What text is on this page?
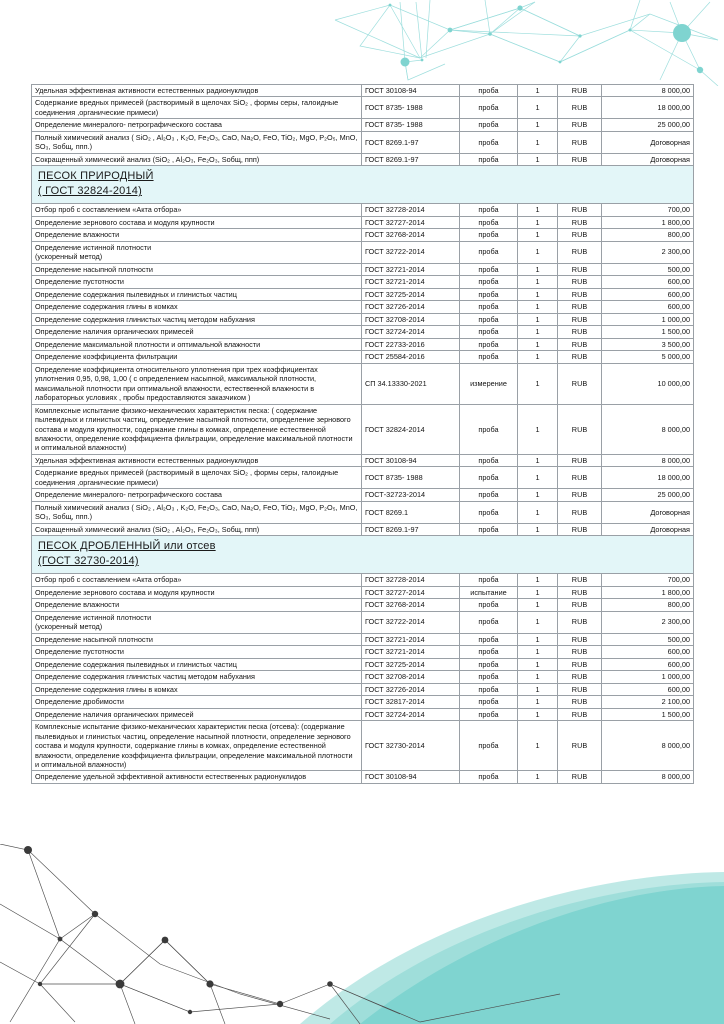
Удельная эффективная активности естественных радионуклидов	ГОСТ 30108-94	проба	1	RUB	8 000,00
Содержание вредных примесей (растворимый в щелочах SiO₂ , формы серы, галоидные соединения ,органические примеси)	ГОСТ 8735- 1988	проба	1	RUB	18 000,00
Определение минералого- петрографического состава	ГОСТ 8735- 1988	проба	1	RUB	25 000,00
Полный химический анализ ( SiO₂ , Al₂O₃ , K₂O, Fe₂O₃, CaO, Na₂O, FeO, TiO₂, MgO, P₂O₅, MnO, SO₃, Sобщ, ппп.)	ГОСТ 8269.1-97	проба	1	RUB	Договорная
Сокращенный химический анализ (SiO₂ , Al₂O₃, Fe₂O₃, Sобщ, ппп)	ГОСТ 8269.1-97	проба	1	RUB	Договорная

ПЕСОК ПРИРОДНЫЙ
( ГОСТ 32824-2014)					

Отбор проб с составлением «Акта отбора»	ГОСТ 32728-2014	проба	1	RUB	700,00
Определение зернового состава и модуля крупности	ГОСТ 32727-2014	проба	1	RUB	1 800,00
Определение влажности	ГОСТ 32768-2014	проба	1	RUB	800,00
Определение истинной плотности
(ускоренный метод)	ГОСТ 32722-2014	проба	1	RUB	2 300,00
Определение насыпной плотности	ГОСТ 32721-2014	проба	1	RUB	500,00
Определение пустотности	ГОСТ 32721-2014	проба	1	RUB	600,00
Определение содержания пылевидных и глинистых частиц	ГОСТ 32725-2014	проба	1	RUB	600,00
Определение содержания глины в комках	ГОСТ 32726-2014	проба	1	RUB	600,00
Определение содержания глинистых частиц методом набухания	ГОСТ 32708-2014	проба	1	RUB	1 000,00
Определение наличия органических примесей	ГОСТ 32724-2014	проба	1	RUB	1 500,00
Определение максимальной плотности и оптимальной влажности	ГОСТ 22733-2016	проба	1	RUB	3 500,00
Определение коэффициента фильтрации	ГОСТ 25584-2016	проба	1	RUB	5 000,00
Определение коэффициента относительного уплотнения при трех коэффициентах уплотнения 0,95, 0,98, 1,00 ( с определением насыпной, максимальной плотности, максимальной плотности при оптимальной влажности, естественной влажности в лабораторных условиях , пробы предоставляются заказчиком )	СП 34.13330-2021	измерение	1	RUB	10 000,00
Комплексные испытание физико-механических характеристик песка: ( содержание пылевидных и глинистых частиц, определение насыпной плотности, определение зернового состава и модуля крупности, содержание глины в комках, определение естественной влажности, определение коэффициента фильтрации, определение максимальной плотности и оптимальной влажности)	ГОСТ 32824-2014	проба	1	RUB	8 000,00
Удельная эффективная активности естественных радионуклидов	ГОСТ 30108-94	проба	1	RUB	8 000,00
Содержание вредных примесей (растворимый в щелочах SiO₂ , формы серы, галоидные соединения ,органические примеси)	ГОСТ 8735- 1988	проба	1	RUB	18 000,00
Определение минералого- петрографического состава	ГОСТ-32723-2014	проба	1	RUB	25 000,00
Полный химический анализ ( SiO₂ , Al₂O₃ , K₂O, Fe₂O₃, CaO, Na₂O, FeO, TiO₂, MgO, P₂O₅, MnO, SO₃, Sобщ, ппп.)	ГОСТ 8269.1	проба	1	RUB	Договорная
Сокращенный химический анализ (SiO₂ , Al₂O₃, Fe₂O₃, Sобщ, ппп)	ГОСТ 8269.1-97	проба	1	RUB	Договорная

ПЕСОК ДРОБЛЕННЫЙ или отсев
(ГОСТ 32730-2014)					

Отбор проб с составлением «Акта отбора»	ГОСТ 32728-2014	проба	1	RUB	700,00
Определение зернового состава и модуля крупности	ГОСТ 32727-2014	испытание	1	RUB	1 800,00
Определение влажности	ГОСТ 32768-2014	проба	1	RUB	800,00
Определение истинной плотности
(ускоренный метод)	ГОСТ 32722-2014	проба	1	RUB	2 300,00
Определение насыпной плотности	ГОСТ 32721-2014	проба	1	RUB	500,00
Определение пустотности	ГОСТ 32721-2014	проба	1	RUB	600,00
Определение содержания пылевидных и глинистых частиц	ГОСТ 32725-2014	проба	1	RUB	600,00
Определение содержания глинистых частиц методом набухания	ГОСТ 32708-2014	проба	1	RUB	1 000,00
Определение содержания глины в комках	ГОСТ 32726-2014	проба	1	RUB	600,00
Определение дробимости	ГОСТ 32817-2014	проба	1	RUB	2 100,00
Определение наличия органических примесей	ГОСТ 32724-2014	проба	1	RUB	1 500,00
Комплексные испытание физико-механических характеристик песка (отсева): (содержание пылевидных и глинистых частиц, определение насыпной плотности, определение зернового состава и модуля крупности, содержание глины в комках, определение естественной влажности, определение коэффициента фильтрации, определение максимальной плотности и оптимальной влажности)	ГОСТ 32730-2014	проба	1	RUB	8 000,00
Определение удельной эффективной активности естественных радионуклидов	ГОСТ 30108-94	проба	1	RUB	8 000,00
